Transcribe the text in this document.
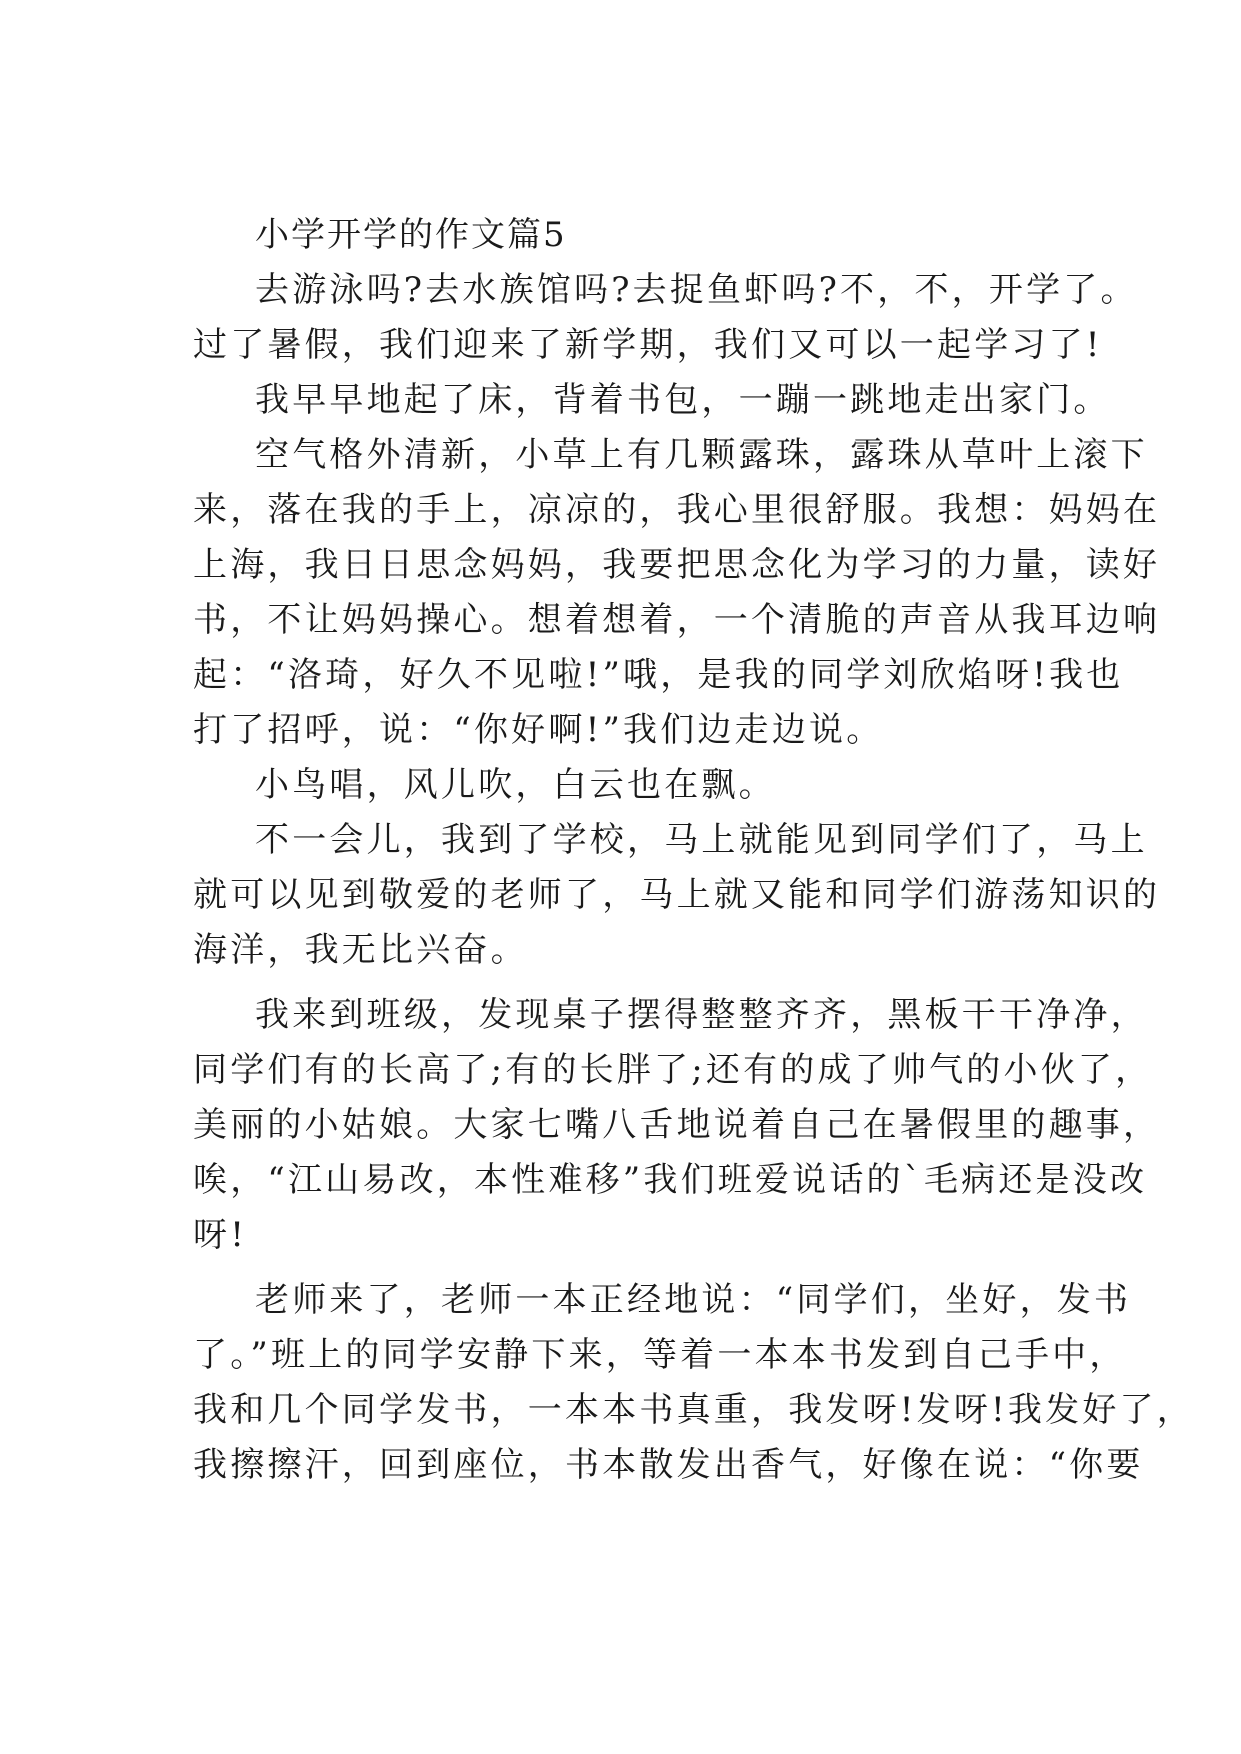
小学开学的作文篇5
去游泳吗?去水族馆吗?去捉鱼虾吗?不，不，开学了。
过了暑假，我们迎来了新学期，我们又可以一起学习了!
我早早地起了床，背着书包，一蹦一跳地走出家门。
空气格外清新，小草上有几颗露珠，露珠从草叶上滚下
来，落在我的手上，凉凉的，我心里很舒服。我想：妈妈在
上海，我日日思念妈妈，我要把思念化为学习的力量，读好
书，不让妈妈操心。想着想着，一个清脆的声音从我耳边响
起：“洛琦，好久不见啦!”哦，是我的同学刘欣焰呀!我也
打了招呼，说：“你好啊!”我们边走边说。
小鸟唱，风儿吹，白云也在飘。
不一会儿，我到了学校，马上就能见到同学们了，马上
就可以见到敬爱的老师了，马上就又能和同学们游荡知识的
海洋，我无比兴奋。
我来到班级，发现桌子摆得整整齐齐，黑板干干净净，
同学们有的长高了;有的长胖了;还有的成了帅气的小伙了，
美丽的小姑娘。大家七嘴八舌地说着自己在暑假里的趣事，
唉，“江山易改，本性难移”我们班爱说话的`毛病还是没改
呀!
老师来了，老师一本正经地说：“同学们，坐好，发书
了。”班上的同学安静下来，等着一本本书发到自己手中，
我和几个同学发书，一本本书真重，我发呀!发呀!我发好了，
我擦擦汗，回到座位，书本散发出香气，好像在说：“你要
